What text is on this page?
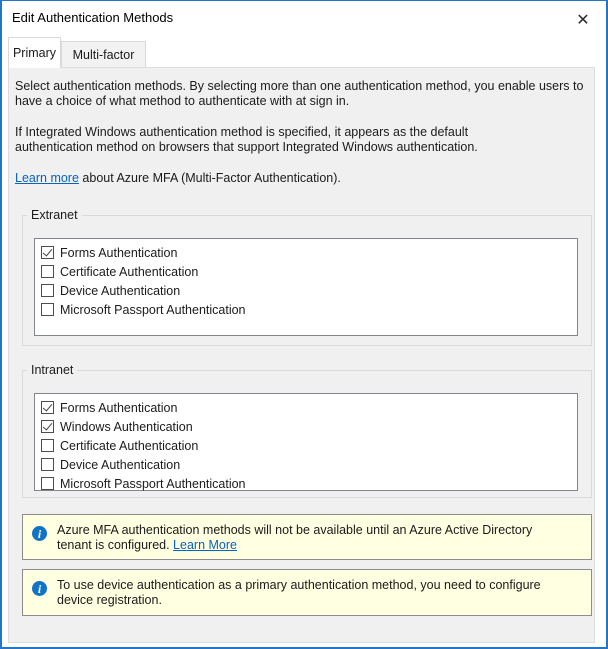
Edit Authentication Methods	✕
Primary Multi-factor
Select authentication methods. By selecting more than one authentication method, you enable users to have a choice of what method to authenticate with at sign in.
If Integrated Windows authentication method is specified, it appears as the default authentication method on browsers that support Integrated Windows authentication.
Learn more about Azure MFA (Multi-Factor Authentication).
Extranet
Forms Authentication
Certificate Authentication
Device Authentication
Microsoft Passport Authentication
Intranet
Forms Authentication
Windows Authentication
Certificate Authentication
Device Authentication
Microsoft Passport Authentication
i	Azure MFA authentication methods will not be available until an Azure Active Directory tenant is configured. Learn More
i	To use device authentication as a primary authentication method, you need to configure device registration.
